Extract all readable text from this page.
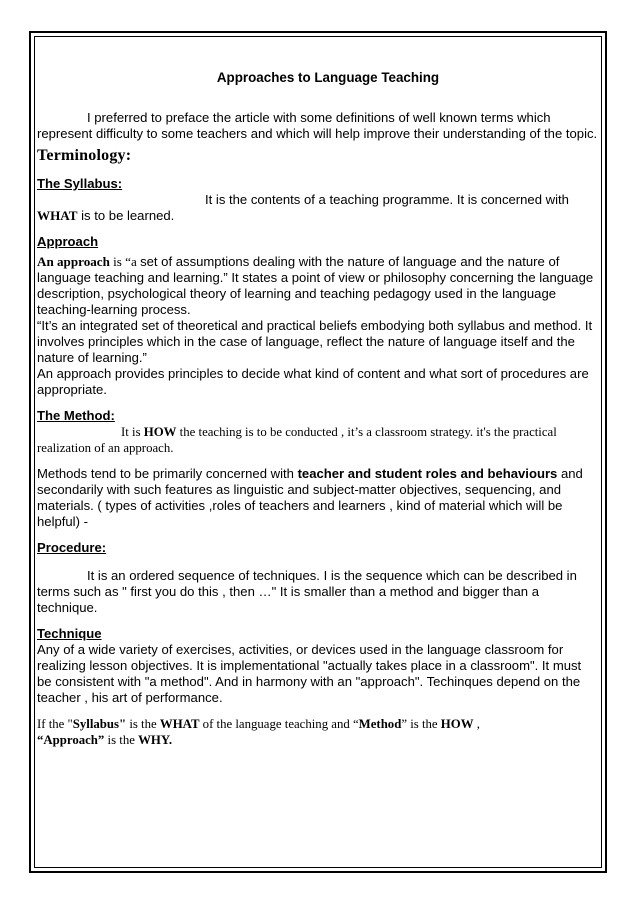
Approaches to Language Teaching

I preferred to preface the article with some definitions of well known terms which represent difficulty to some teachers and which will help improve their understanding of the topic.

Terminology:

The Syllabus:

It is the contents of a teaching programme. It is concerned with WHAT is to be learned.

Approach

An approach is “a set of assumptions dealing with the nature of language and the nature of language teaching and learning.” It states a point of view or philosophy concerning the language description, psychological theory of learning and teaching pedagogy used in the language teaching-learning process.

“It’s an integrated set of theoretical and practical beliefs embodying both syllabus and method. It involves principles which in the case of language, reflect the nature of language itself and the nature of learning.”

An approach provides principles to decide what kind of content and what sort of procedures are appropriate.

The Method:

It is HOW the teaching is to be conducted , it’s a classroom strategy. it's the practical realization of an approach.

Methods tend to be primarily concerned with teacher and student roles and behaviours and secondarily with such features as linguistic and subject-matter objectives, sequencing, and materials. ( types of activities ,roles of teachers and learners , kind of material which will be helpful) -

Procedure:

It is an ordered sequence of techniques. I is the sequence which can be described in terms such as " first you do this , then …" It is smaller than a method and bigger than a technique.

Technique

Any of a wide variety of exercises, activities, or devices used in the language classroom for realizing lesson objectives. It is implementational "actually takes place in a classroom". It must be consistent with "a method". And in harmony with an "approach". Techinques depend on the teacher , his art of performance.

If the "Syllabus" is the WHAT of the language teaching and “Method” is the HOW ,
“Approach” is the WHY.
